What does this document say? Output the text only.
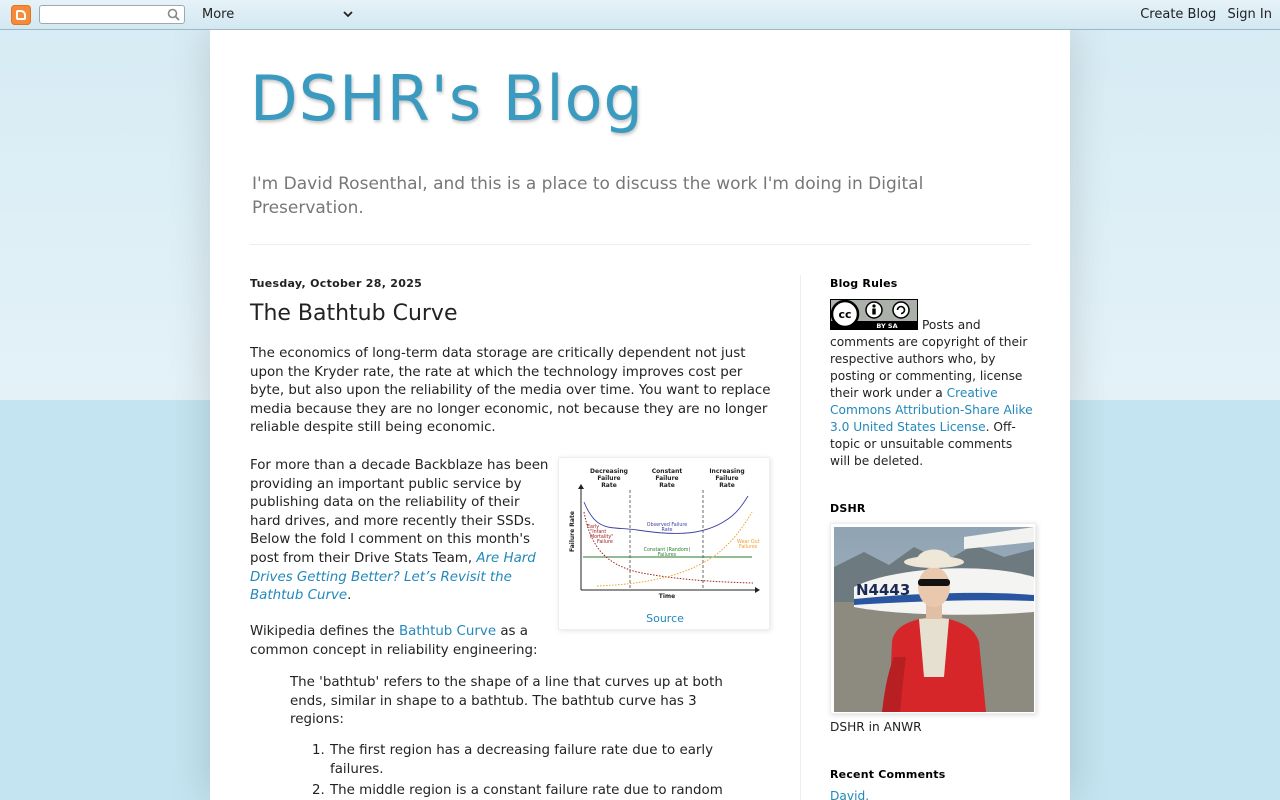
More	Create Blog Sign In
DSHR's Blog
I'm David Rosenthal, and this is a place to discuss the work I'm doing in Digital Preservation.
Tuesday, October 28, 2025
The Bathtub Curve
The economics of long-term data storage are critically dependent not just upon the Kryder rate, the rate at which the technology improves cost per byte, but also upon the reliability of the media over time. You want to replace media because they are no longer economic, not because they are no longer reliable despite still being economic.
For more than a decade Backblaze has been providing an important public service by publishing data on the reliability of their hard drives, and more recently their SSDs. Below the fold I comment on this month's post from their Drive Stats Team, Are Hard Drives Getting Better? Let’s Revisit the Bathtub Curve.
Decreasing
Failure
Rate
Constant
Failure
Rate
Increasing
Failure
Rate
Failure Rate
Time
Observed Failure
Rate
Constant (Random)
Failures
Early
"Infant
Mortality"
Failure	Wear Out
Failures
Source
Wikipedia defines the Bathtub Curve as a common concept in reliability engineering:
The 'bathtub' refers to the shape of a line that curves up at both ends, similar in shape to a bathtub. The bathtub curve has 3 regions:
1. The first region has a decreasing failure rate due to early failures.
2. The middle region is a constant failure rate due to random
Blog Rules
cc
BY SA	Posts and comments are copyright of their respective authors who, by posting or commenting, license their work under a Creative Commons Attribution-Share Alike 3.0 United States License. Off-topic or unsuitable comments will be deleted.
DSHR
N4443
DSHR in ANWR
Recent Comments
David.
